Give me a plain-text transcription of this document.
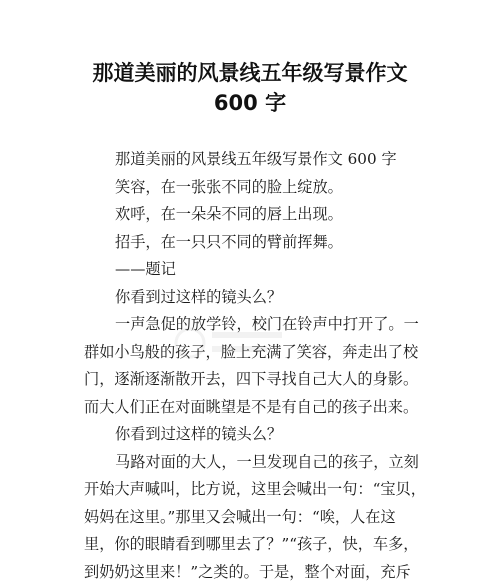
那道美丽的风景线五年级写景作文
600 字
那道美丽的风景线五年级写景作文 600 字
笑容，在一张张不同的脸上绽放。
欢呼，在一朵朵不同的唇上出现。
招手，在一只只不同的臂前挥舞。
——题记
你看到过这样的镜头么？
一声急促的放学铃，校门在铃声中打开了。一
群如小鸟般的孩子，脸上充满了笑容，奔走出了校
门，逐渐逐渐散开去，四下寻找自己大人的身影。
而大人们正在对面眺望是不是有自己的孩子出来。
你看到过这样的镜头么？
马路对面的大人，一旦发现自己的孩子，立刻
开始大声喊叫，比方说，这里会喊出一句：“宝贝，
妈妈在这里。”那里又会喊出一句：“唉，人在这
里，你的眼睛看到哪里去了？”“孩子，快，车多，
到奶奶这里来！”之类的。于是，整个对面，充斥
